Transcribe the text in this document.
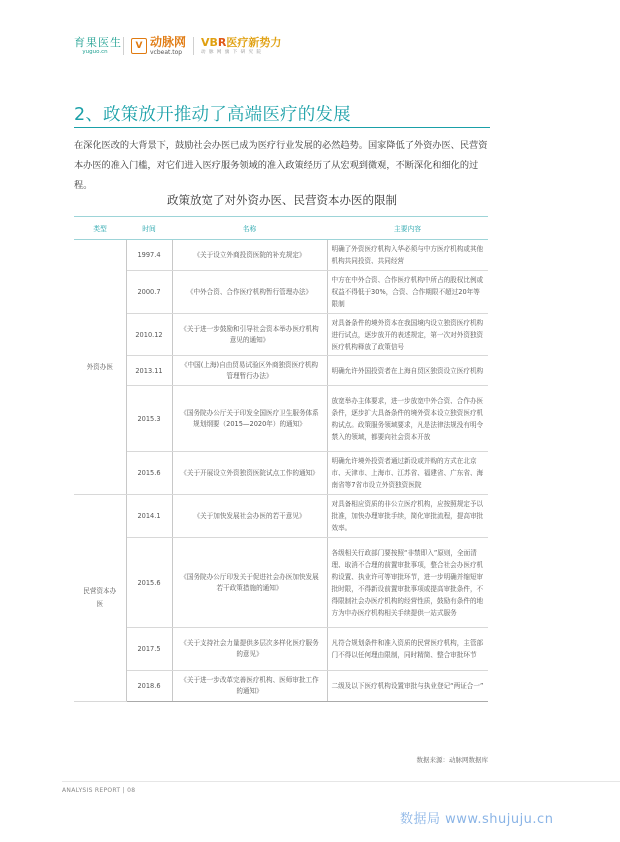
育果医生
yuguo.cn
V 动脉网
vcbeat.top
VBR医疗新势力
动 脉 网 旗 下 研 究 院
2、政策放开推动了高端医疗的发展
在深化医改的大背景下，鼓励社会办医已成为医疗行业发展的必然趋势。国家降低了外资办医、民营资本办医的准入门槛，对它们进入医疗服务领域的准入政策经历了从宏观到微观，不断深化和细化的过程。
政策放宽了对外资办医、民营资本办医的限制
类型	时间	名称	主要内容
外资办医	1997.4	《关于设立外商投资医院的补充规定》	明确了外资医疗机构入华必须与中方医疗机构或其他机构共同投资、共同经营
	2000.7	《中外合资、合作医疗机构暂行管理办法》	中方在中外合资、合作医疗机构中所占的股权比例或权益不得低于30%，合资、合作期限不超过20年等限制
	2010.12	《关于进一步鼓励和引导社会资本举办医疗机构意见的通知》	对具备条件的境外资本在我国境内设立独资医疗机构进行试点，逐步放开的表述规定，第一次对外资独资医疗机构释放了政策信号
	2013.11	《中国(上海)自由贸易试验区外商独资医疗机构管理暂行办法》	明确允许外国投资者在上海自贸区独资设立医疗机构
	2015.3	《国务院办公厅关于印发全国医疗卫生服务体系规划纲要（2015—2020年）的通知》	放宽举办主体要求，进一步放宽中外合资、合作办医条件，逐步扩大具备条件的境外资本设立独资医疗机构试点。政策服务领域要求，凡是法律法规没有明令禁入的领域，都要向社会资本开放
	2015.6	《关于开展设立外资独资医院试点工作的通知》	明确允许境外投资者通过新设或并购的方式在北京市、天津市、上海市、江苏省、福建省、广东省、海南省等7省市设立外资独资医院
民营资本办医	2014.1	《关于加快发展社会办医的若干意见》	对具备相应资质的非公立医疗机构，应按照规定予以批准，加快办理审批手续，简化审批流程，提高审批效率。
	2015.6	《国务院办公厅印发关于促进社会办医加快发展若干政策措施的通知》	各级相关行政部门要按照“非禁即入”原则，全面清理、取消不合理的前置审批事项，整合社会办医疗机构设置、执业许可等审批环节，进一步明确并缩短审批时限，不得新设前置审批事项或提高审批条件，不得限制社会办医疗机构的经营性质，鼓励有条件的地方为申办医疗机构相关手续提供一站式服务
	2017.5	《关于支持社会力量提供多层次多样化医疗服务的意见》	凡符合规划条件和准入资质的民营医疗机构，主管部门不得以任何理由限制，同时精简、整合审批环节
	2018.6	《关于进一步改革完善医疗机构、医师审批工作的通知》	二级及以下医疗机构设置审批与执业登记“两证合一”
数据来源：动脉网数据库
ANALYSIS REPORT | 08
数据局 www.shujuju.cn
